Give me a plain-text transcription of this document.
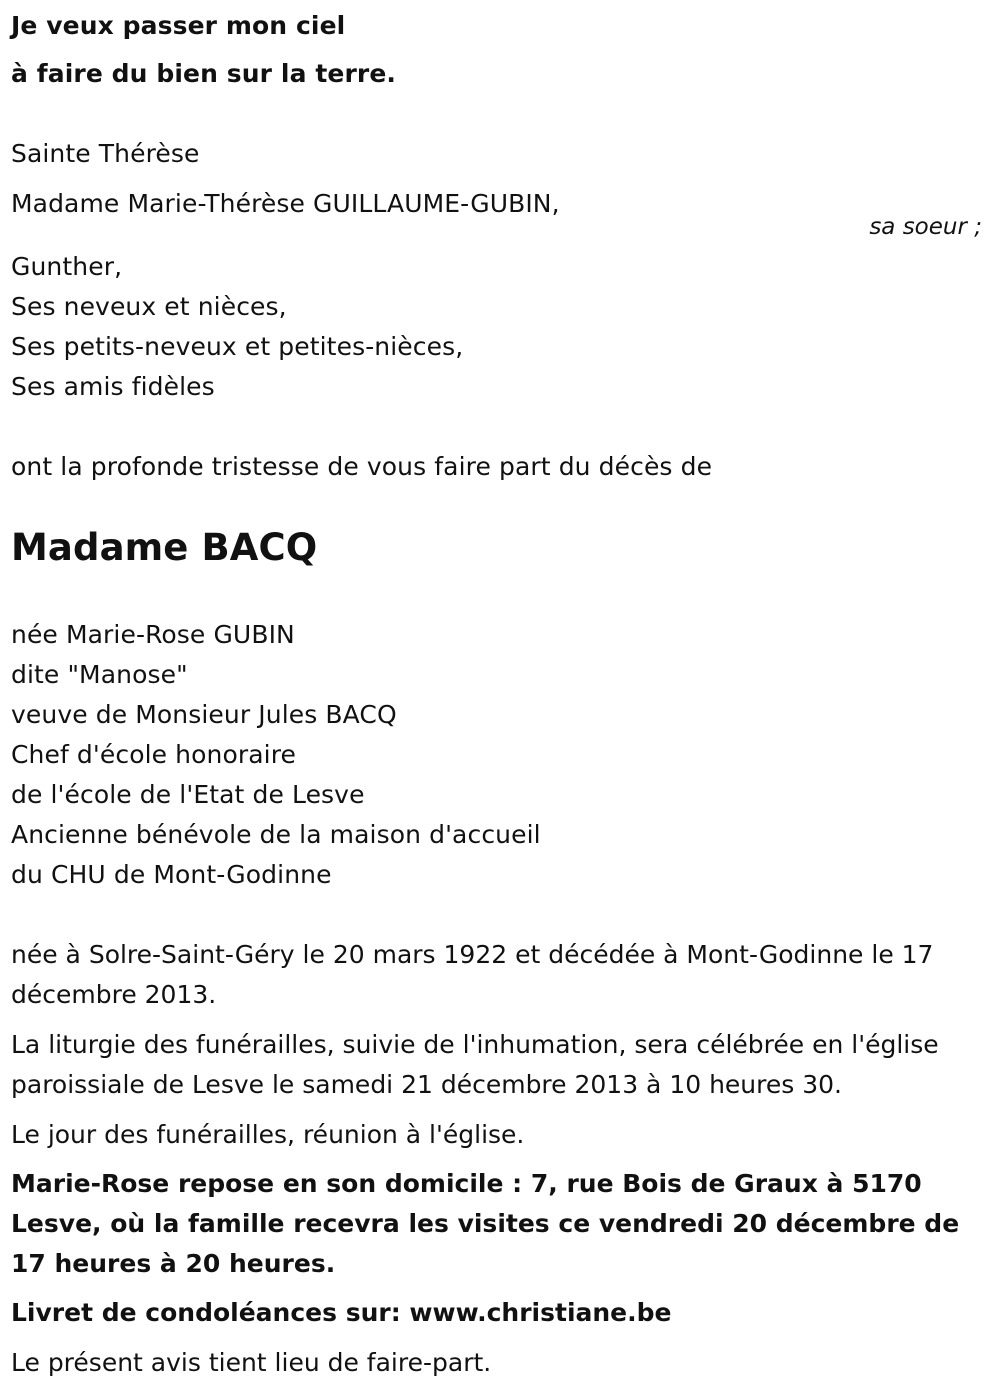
Je veux passer mon ciel
à faire du bien sur la terre.
Sainte Thérèse
Madame Marie-Thérèse GUILLAUME-GUBIN,
sa soeur ;
Gunther,
Ses neveux et nièces,
Ses petits-neveux et petites-nièces,
Ses amis fidèles
ont la profonde tristesse de vous faire part du décès de
Madame BACQ
née Marie-Rose GUBIN
dite "Manose"
veuve de Monsieur Jules BACQ
Chef d'école honoraire
de l'école de l'Etat de Lesve
Ancienne bénévole de la maison d'accueil
du CHU de Mont-Godinne
née à Solre-Saint-Géry le 20 mars 1922 et décédée à Mont-Godinne le 17 décembre 2013.
La liturgie des funérailles, suivie de l'inhumation, sera célébrée en l'église paroissiale de Lesve le samedi 21 décembre 2013 à 10 heures 30.
Le jour des funérailles, réunion à l'église.
Marie-Rose repose en son domicile : 7, rue Bois de Graux à 5170 Lesve, où la famille recevra les visites ce vendredi 20 décembre de 17 heures à 20 heures.
Livret de condoléances sur: www.christiane.be
Le présent avis tient lieu de faire-part.
